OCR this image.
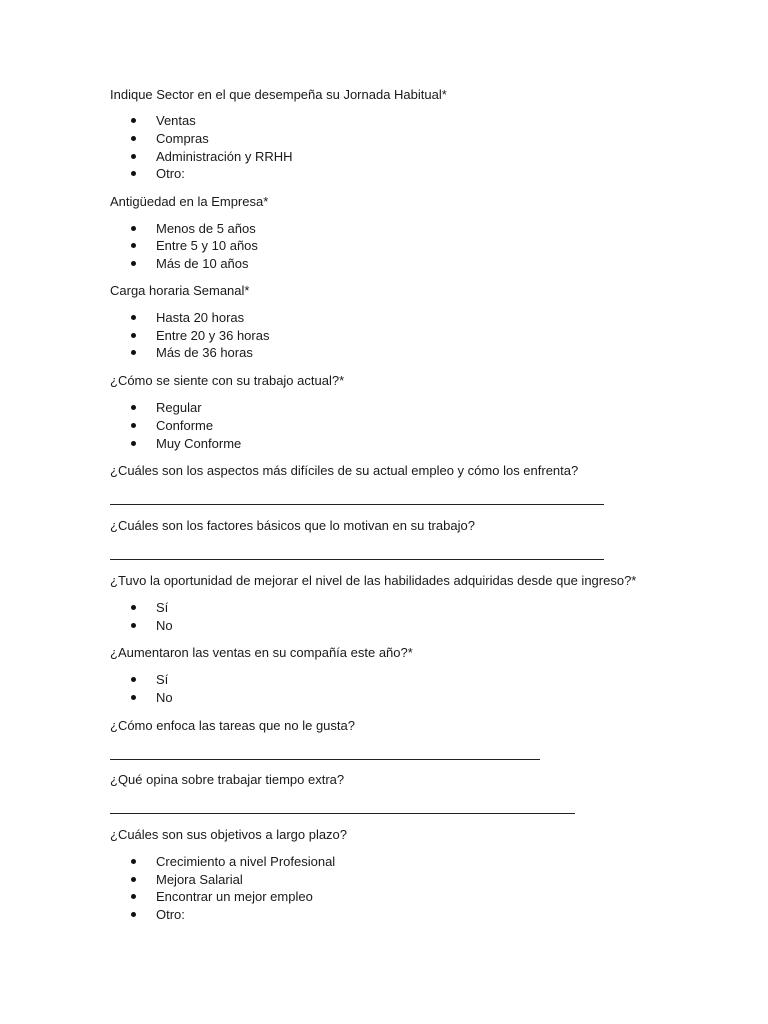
Indique Sector en el que desempeña su Jornada Habitual*
Ventas
Compras
Administración y RRHH
Otro:
Antigüedad en la Empresa*
Menos de 5 años
Entre 5 y 10 años
Más de 10 años
Carga horaria Semanal*
Hasta 20 horas
Entre 20 y 36 horas
Más de 36 horas
¿Cómo se siente con su trabajo actual?*
Regular
Conforme
Muy Conforme
¿Cuáles son los aspectos más difíciles de su actual empleo y cómo los enfrenta?
¿Cuáles son los factores básicos que lo motivan en su trabajo?
¿Tuvo la oportunidad de mejorar el nivel de las habilidades adquiridas desde que ingreso?*
Sí
No
¿Aumentaron las ventas en su compañía este año?*
Sí
No
¿Cómo enfoca las tareas que no le gusta?
¿Qué opina sobre trabajar tiempo extra?
¿Cuáles son sus objetivos a largo plazo?
Crecimiento a nivel Profesional
Mejora Salarial
Encontrar un mejor empleo
Otro:
